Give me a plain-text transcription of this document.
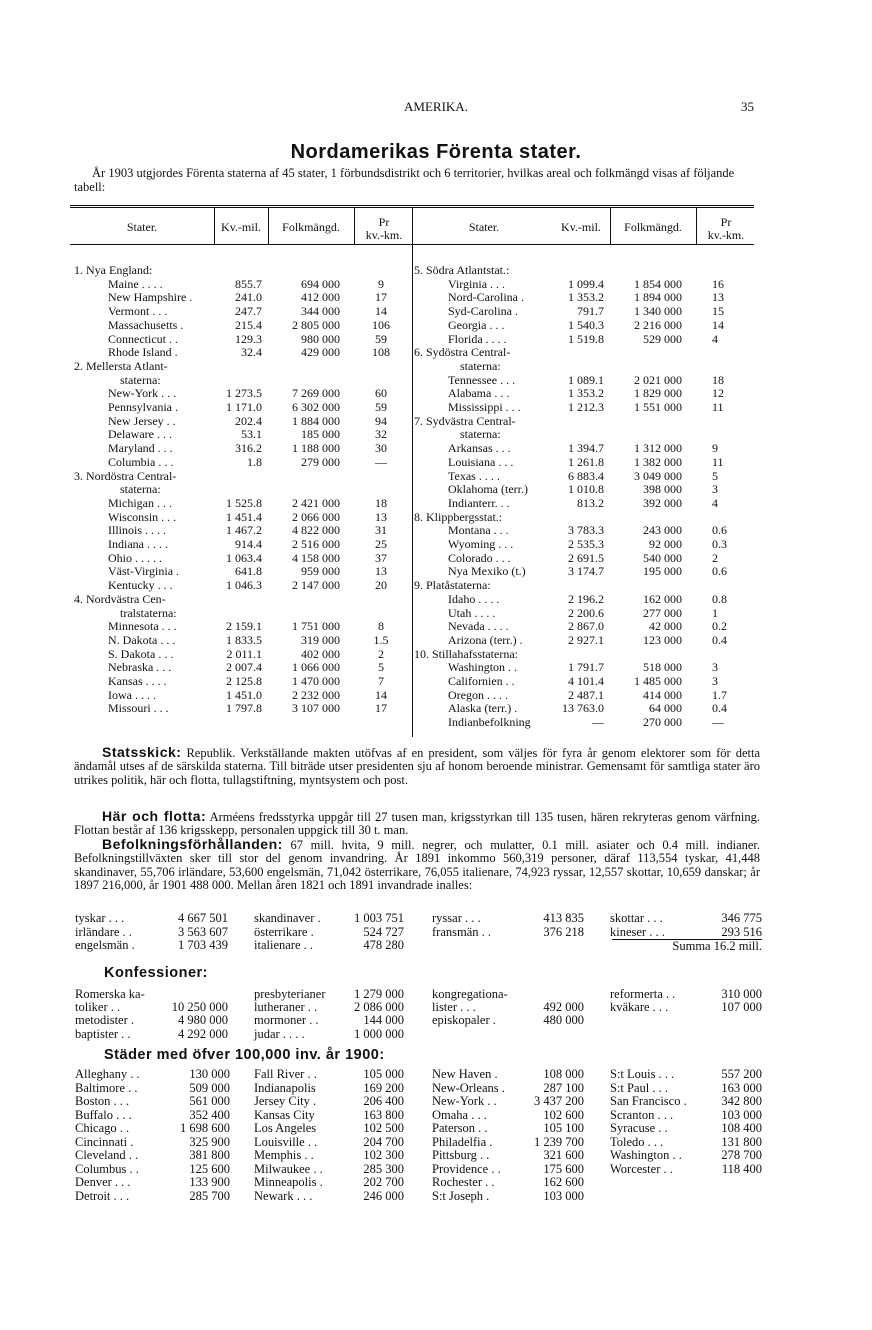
AMERIKA.	35
Nordamerikas Förenta stater.
År 1903 utgjordes Förenta staterna af 45 stater, 1 förbundsdistrikt och 6 territorier, hvilkas areal och folkmängd visas af följande tabell:
Stater.	Kv.-mil.	Folkmängd.	Pr
kv.-km.
Stater.	Kv.-mil.	Folkmängd.	Pr
kv.-km.
1. Nya England:
Maine . . . .	855.7	694 000	9
New Hampshire .	241.0	412 000	17
Vermont . . .	247.7	344 000	14
Massachusetts .	215.4	2 805 000	106
Connecticut . .	129.3	980 000	59
Rhode Island .	32.4	429 000	108
2. Mellersta Atlant-
staterna:
New-York . . .	1 273.5	7 269 000	60
Pennsylvania .	1 171.0	6 302 000	59
New Jersey . .	202.4	1 884 000	94
Delaware . . .	53.1	185 000	32
Maryland . . .	316.2	1 188 000	30
Columbia . . .	1.8	279 000	—
3. Nordöstra Central-
staterna:
Michigan . . .	1 525.8	2 421 000	18
Wisconsin . . .	1 451.4	2 066 000	13
Illinois . . . .	1 467.2	4 822 000	31
Indiana . . . .	914.4	2 516 000	25
Ohio . . . . .	1 063.4	4 158 000	37
Väst-Virginia .	641.8	959 000	13
Kentucky . . .	1 046.3	2 147 000	20
4. Nordvästra Cen-
tralstaterna:
Minnesota . . .	2 159.1	1 751 000	8
N. Dakota . . .	1 833.5	319 000	1.5
S. Dakota . . .	2 011.1	402 000	2
Nebraska . . .	2 007.4	1 066 000	5
Kansas . . . .	2 125.8	1 470 000	7
Iowa . . . .	1 451.0	2 232 000	14
Missouri . . .	1 797.8	3 107 000	17
5. Södra Atlantstat.:
Virginia . . .	1 099.4	1 854 000	16
Nord-Carolina .	1 353.2	1 894 000	13
Syd-Carolina .	791.7	1 340 000	15
Georgia . . .	1 540.3	2 216 000	14
Florida . . . .	1 519.8	529 000	4
6. Sydöstra Central-
staterna:
Tennessee . . .	1 089.1	2 021 000	18
Alabama . . .	1 353.2	1 829 000	12
Mississippi . . .	1 212.3	1 551 000	11
7. Sydvästra Central-
staterna:
Arkansas . . .	1 394.7	1 312 000	9
Louisiana . . .	1 261.8	1 382 000	11
Texas . . . .	6 883.4	3 049 000	5
Oklahoma (terr.)	1 010.8	398 000	3
Indianterr. . .	813.2	392 000	4
8. Klippbergsstat.:
Montana . . .	3 783.3	243 000	0.6
Wyoming . . .	2 535.3	92 000	0.3
Colorado . . .	2 691.5	540 000	2
Nya Mexiko (t.)	3 174.7	195 000	0.6
9. Platåstaterna:
Idaho . . . .	2 196.2	162 000	0.8
Utah . . . .	2 200.6	277 000	1
Nevada . . . .	2 867.0	42 000	0.2
Arizona (terr.) .	2 927.1	123 000	0.4
10. Stillahafsstaterna:
Washington . .	1 791.7	518 000	3
Californien . .	4 101.4	1 485 000	3
Oregon . . . .	2 487.1	414 000	1.7
Alaska (terr.) .	13 763.0	64 000	0.4
Indianbefolkning	—	270 000	—
Statsskick: Republik. Verkställande makten utöfvas af en president, som väljes för fyra år genom elektorer som för detta ändamål utses af de särskilda staterna. Till biträde utser presidenten sju af honom beroende ministrar. Gemensamt för samtliga stater äro utrikes politik, här och flotta, tullagstiftning, myntsystem och post.
Här och flotta: Arméens fredsstyrka uppgår till 27 tusen man, krigsstyrkan till 135 tusen, hären rekryteras genom värfning. Flottan består af 136 krigsskepp, personalen uppgick till 30 t. man.
Befolkningsförhållanden: 67 mill. hvita, 9 mill. negrer, och mulatter, 0.1 mill. asiater och 0.4 mill. indianer. Befolkningstillväxten sker till stor del genom invandring. År 1891 inkommo 560,319 personer, däraf 113,554 tyskar, 41,448 skandinaver, 55,706 irländare, 53,600 engelsmän, 71,042 österrikare, 76,055 italienare, 74,923 ryssar, 12,557 skottar, 10,659 danskar; år 1897 216,000, år 1901 488 000. Mellan åren 1821 och 1891 invandrade inalles:
tyskar . . .	4 667 501 skandinaver .	1 003 751 ryssar . . .	413 835 skottar . . .	346 775
irländare . .	3 563 607 österrikare .	524 727 fransmän . .	376 218 kineser . . .	293 516
engelsmän .	1 703 439 italienare . .	478 280	Summa 16.2 mill.
Konfessioner:
Romerska ka-	presbyterianer	1 279 000 kongregationa-	reformerta . .	310 000
toliker . .	10 250 000 lutheraner . .	2 086 000 lister . . .	492 000 kväkare . . .	107 000
metodister .	4 980 000 mormoner . .	144 000 episkopaler .	480 000
baptister . .	4 292 000 judar . . . .	1 000 000
Städer med öfver 100,000 inv. år 1900:
Alleghany . .	130 000 Fall River . .	105 000 New Haven .	108 000 S:t Louis . . .	557 200
Baltimore . .	509 000 Indianapolis	169 200 New-Orleans .	287 100 S:t Paul . . .	163 000
Boston . . .	561 000 Jersey City .	206 400 New-York . .	3 437 200 San Francisco .	342 800
Buffalo . . .	352 400 Kansas City	163 800 Omaha . . .	102 600 Scranton . . .	103 000
Chicago . .	1 698 600 Los Angeles	102 500 Paterson . .	105 100 Syracuse . .	108 400
Cincinnati .	325 900 Louisville . .	204 700 Philadelfia .	1 239 700 Toledo . . .	131 800
Cleveland . .	381 800 Memphis . .	102 300 Pittsburg . .	321 600 Washington . .	278 700
Columbus . .	125 600 Milwaukee . .	285 300 Providence . .	175 600 Worcester . .	118 400
Denver . . .	133 900 Minneapolis .	202 700 Rochester . .	162 600
Detroit . . .	285 700 Newark . . .	246 000 S:t Joseph .	103 000
